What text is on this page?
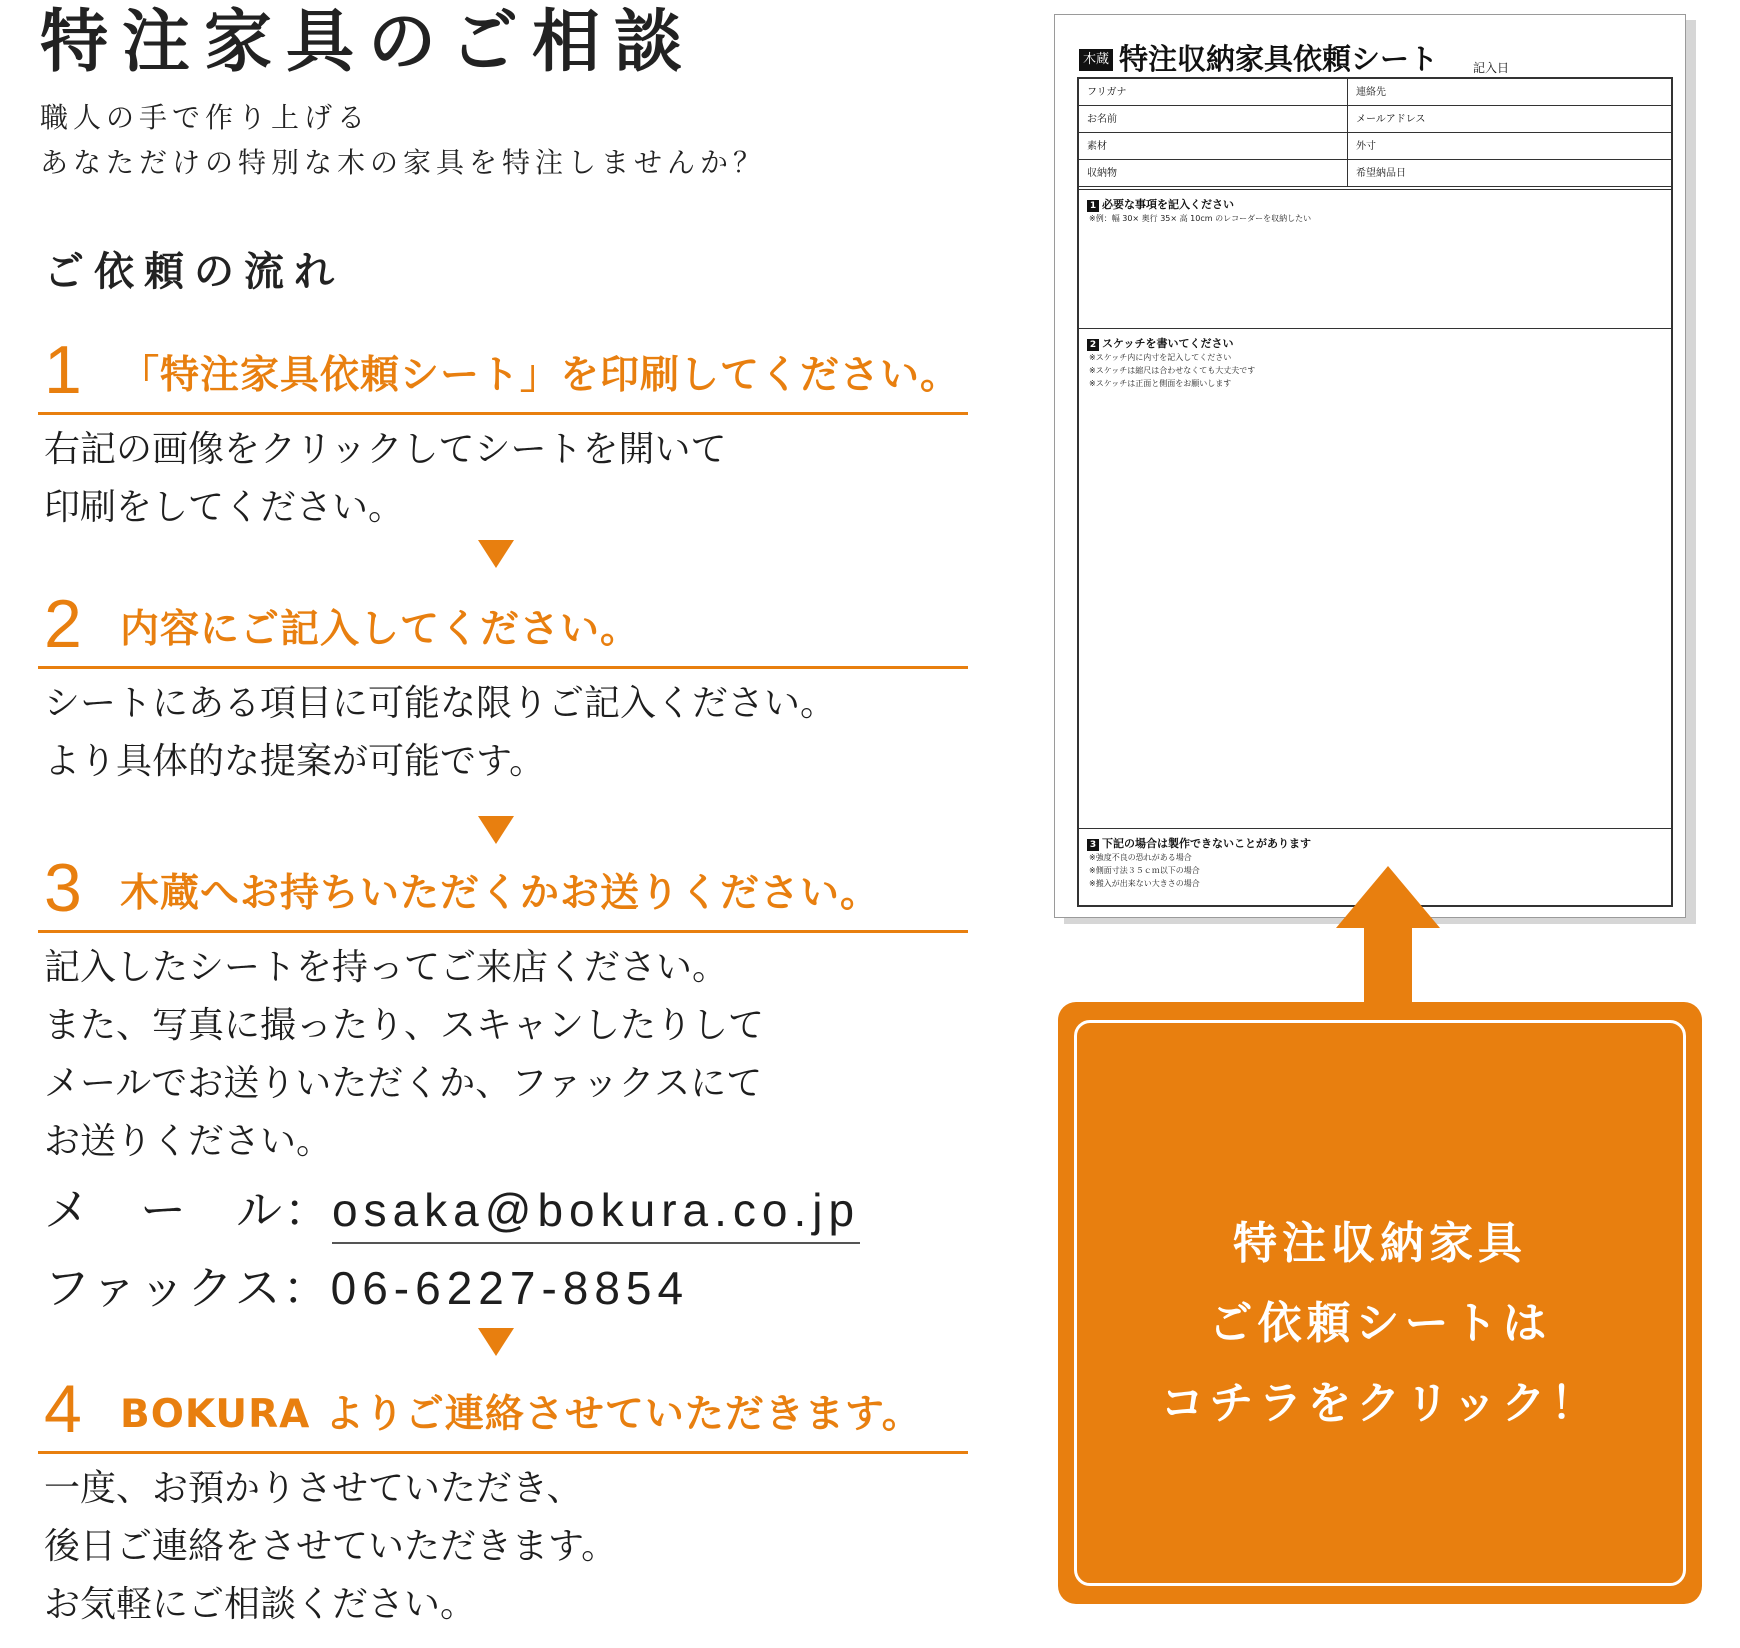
特注家具のご相談
職人の手で作り上げる
あなただけの特別な木の家具を特注しませんか？
ご依頼の流れ
1 「特注家具依頼シート」を印刷してください。
右記の画像をクリックしてシートを開いて
印刷をしてください。
2 内容にご記入してください。
シートにある項目に可能な限りご記入ください。
より具体的な提案が可能です。
3 木蔵へお持ちいただくかお送りください。
記入したシートを持ってご来店ください。
また、写真に撮ったり、スキャンしたりして
メールでお送りいただくか、ファックスにて
お送りください。
メ　ー　ル：osaka@bokura.co.jp
ファックス：06-6227-8854
4 BOKURA よりご連絡させていただきます。
一度、お預かりさせていただき、
後日ご連絡をさせていただきます。
お気軽にご相談ください。
木蔵 特注収納家具依頼シート	記入日
フリガナ
お名前
素材
収納物
連絡先
メールアドレス
外寸
希望納品日
1 必要な事項を記入ください
※例：幅 30× 奥行 35× 高 10cm のレコーダーを収納したい
2 スケッチを書いてください
※スケッチ内に内寸を記入してください
※スケッチは縮尺は合わせなくても大丈夫です
※スケッチは正面と側面をお願いします
3 下記の場合は製作できないことがあります
※強度不良の恐れがある場合
※側面寸法３５ｃｍ以下の場合
※搬入が出来ない大きさの場合
特注収納家具
ご依頼シートは
コチラをクリック！
